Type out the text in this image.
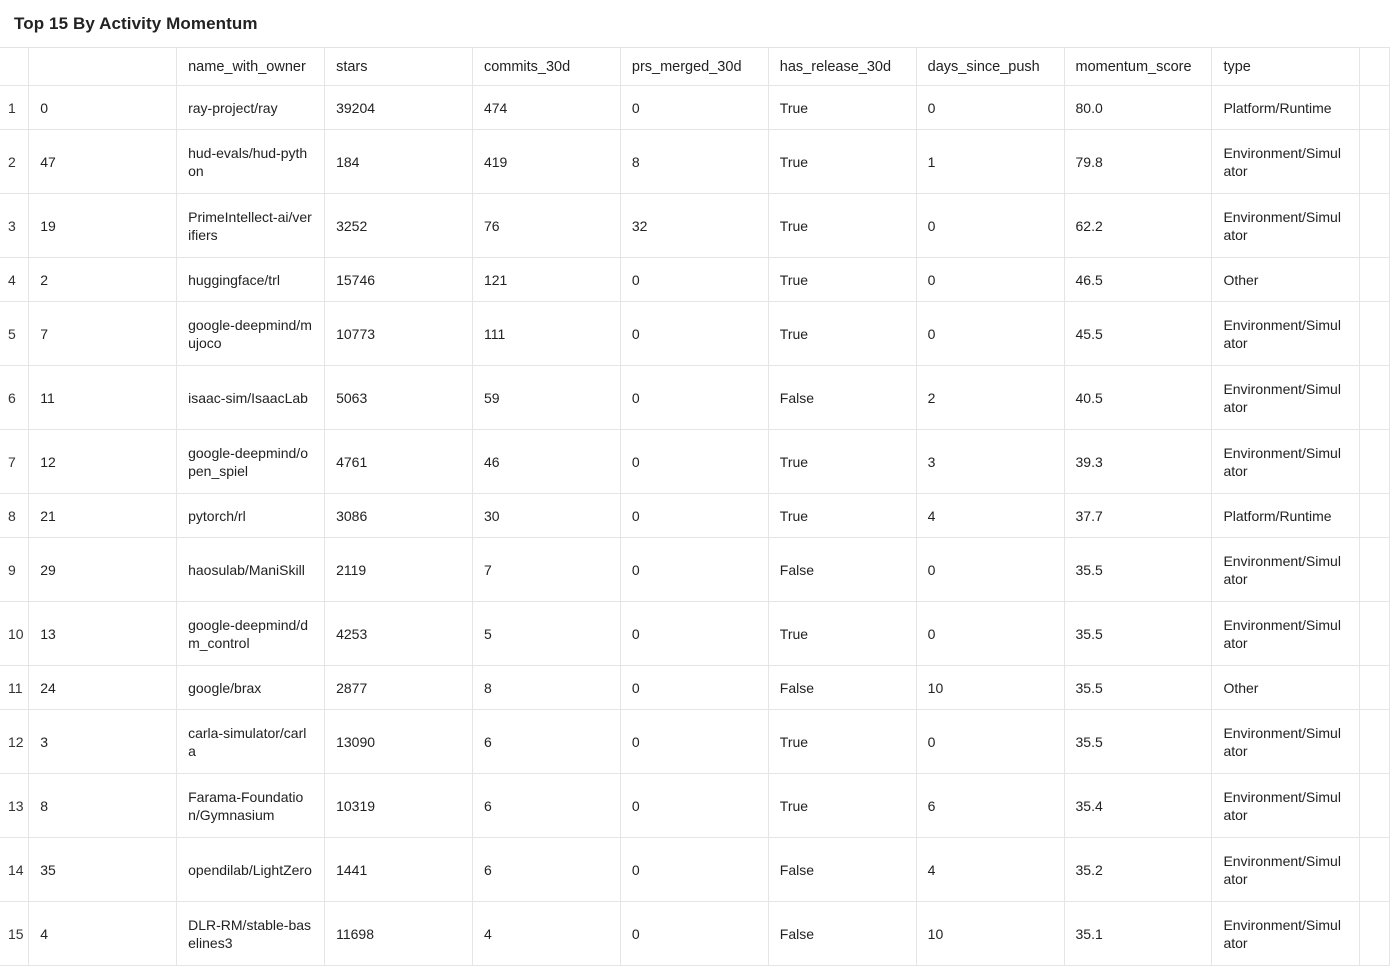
Top 15 By Activity Momentum
		name_with_owner	stars	commits_30d	prs_merged_30d	has_release_30d	days_since_push	momentum_score	type	
1	0	ray-project/ray	39204	474	0	True	0	80.0	Platform/Runtime	
2	47	hud-evals/hud-python	184	419	8	True	1	79.8	Environment/Simulator	
3	19	PrimeIntellect-ai/verifiers	3252	76	32	True	0	62.2	Environment/Simulator	
4	2	huggingface/trl	15746	121	0	True	0	46.5	Other	
5	7	google-deepmind/mujoco	10773	111	0	True	0	45.5	Environment/Simulator	
6	11	isaac-sim/IsaacLab	5063	59	0	False	2	40.5	Environment/Simulator	
7	12	google-deepmind/open_spiel	4761	46	0	True	3	39.3	Environment/Simulator	
8	21	pytorch/rl	3086	30	0	True	4	37.7	Platform/Runtime	
9	29	haosulab/ManiSkill	2119	7	0	False	0	35.5	Environment/Simulator	
10	13	google-deepmind/dm_control	4253	5	0	True	0	35.5	Environment/Simulator	
11	24	google/brax	2877	8	0	False	10	35.5	Other	
12	3	carla-simulator/carla	13090	6	0	True	0	35.5	Environment/Simulator	
13	8	Farama-Foundation/Gymnasium	10319	6	0	True	6	35.4	Environment/Simulator	
14	35	opendilab/LightZero	1441	6	0	False	4	35.2	Environment/Simulator	
15	4	DLR-RM/stable-baselines3	11698	4	0	False	10	35.1	Environment/Simulator	
